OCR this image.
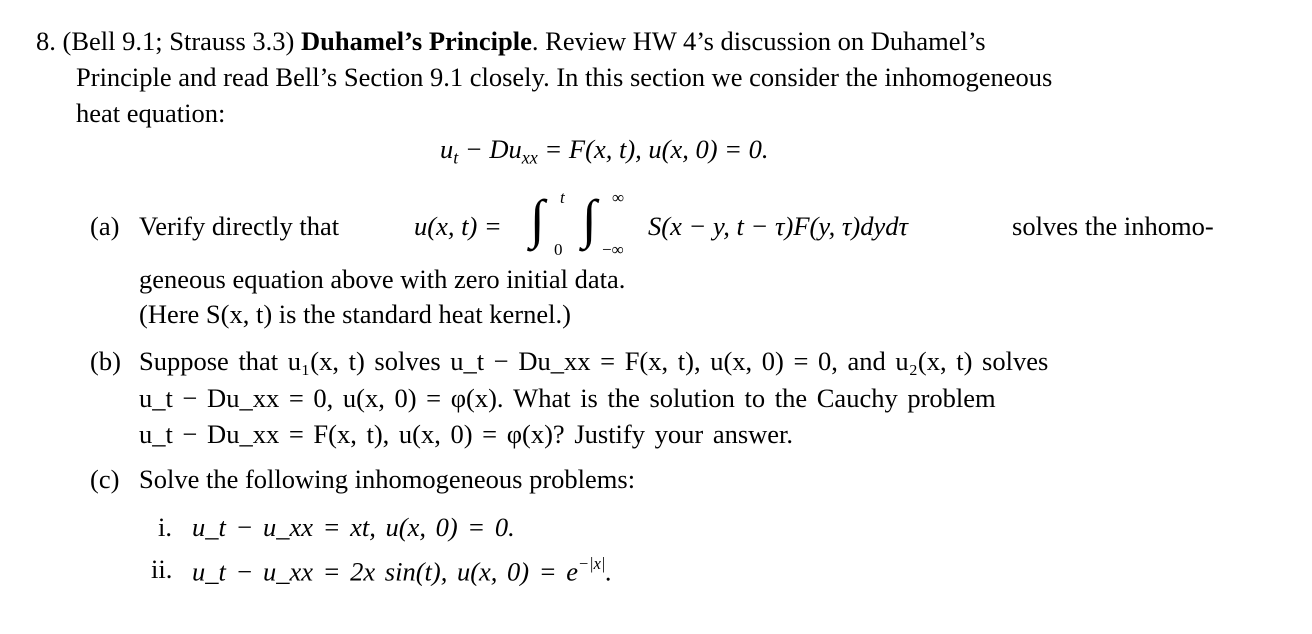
8. (Bell 9.1; Strauss 3.3) Duhamel’s Principle. Review HW 4’s discussion on Duhamel’s
Principle and read Bell’s Section 9.1 closely. In this section we consider the inhomogeneous
heat equation:
$u_t - Du_{xx} = F(x$, t), u(x, 0) = 0.
(a) Verify directly that	u(x, t) = ∫ t
0
∫ ∞
−∞
S(x − y, t − τ)F(y, τ)dydτ	solves the inhomo-
geneous equation above with zero initial data.
(Here S(x, t) is the standard heat kernel.)
(b) Suppose that u₁(x, t) solves u_t − Du_xx = F(x, t), u(x, 0) = 0, and u₂(x, t) solves
u_t − Du_xx = 0, u(x, 0) = φ(x). What is the solution to the Cauchy problem
u_t − Du_xx = F(x, t), u(x, 0) = φ(x)? Justify your answer.
(c) Solve the following inhomogeneous problems:
i. u_t − u_xx = xt, u(x, 0) = 0.
ii. u_t − u_xx = 2x sin(t), u(x, $0) = e^{-|x|}$.
